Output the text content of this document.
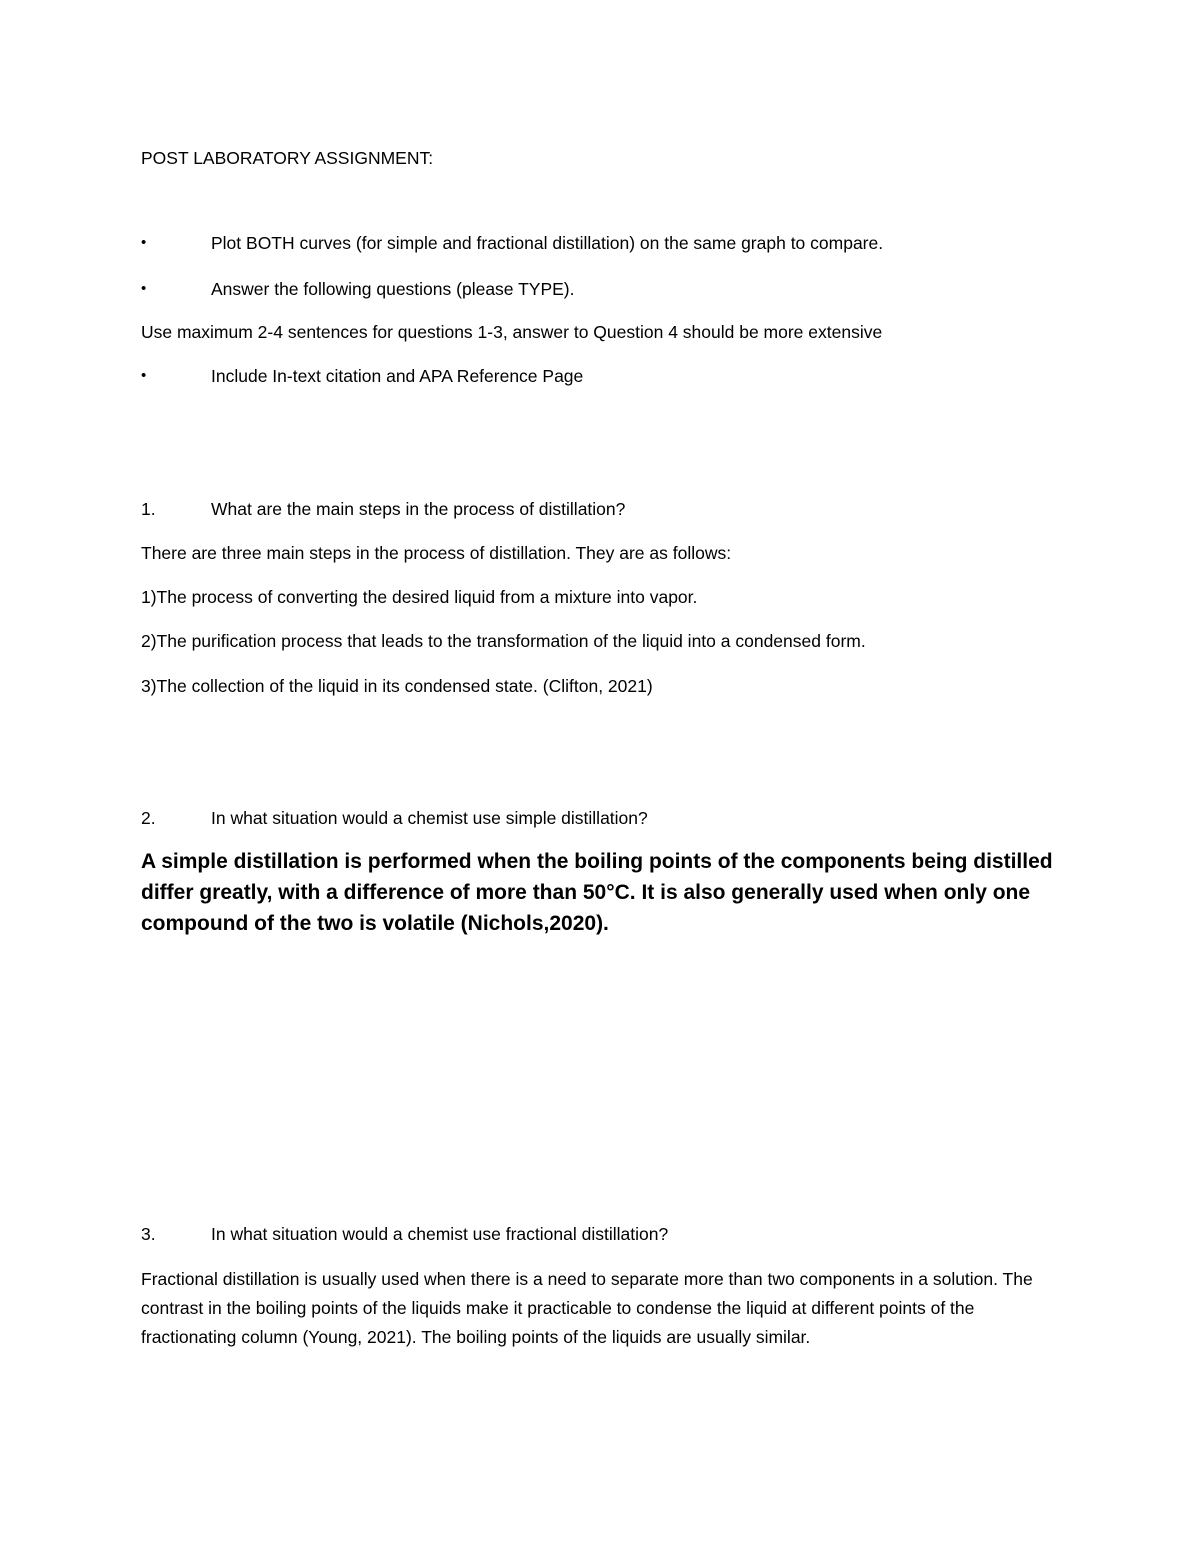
POST LABORATORY ASSIGNMENT:
•	Plot BOTH curves (for simple and fractional distillation) on the same graph to compare.
•	Answer the following questions (please TYPE).
Use maximum 2-4 sentences for questions 1-3, answer to Question 4 should be more extensive
•	Include In-text citation and APA Reference Page
1.	What are the main steps in the process of distillation?
There are three main steps in the process of distillation. They are as follows:
1)The process of converting the desired liquid from a mixture into vapor.
2)The purification process that leads to the transformation of the liquid into a condensed form.
3)The collection of the liquid in its condensed state. (Clifton, 2021)
2.	In what situation would a chemist use simple distillation?
A simple distillation is performed when the boiling points of the components being distilled differ greatly, with a difference of more than 50°C. It is also generally used when only one compound of the two is volatile (Nichols,2020).
3.	In what situation would a chemist use fractional distillation?
Fractional distillation is usually used when there is a need to separate more than two components in a solution. The contrast in the boiling points of the liquids make it practicable to condense the liquid at different points of the fractionating column (Young, 2021). The boiling points of the liquids are usually similar.
